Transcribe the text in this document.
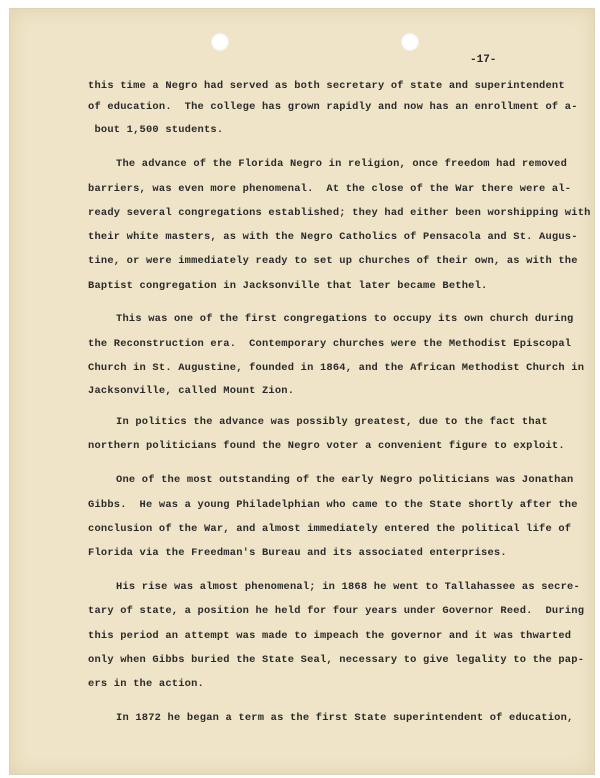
-17-
this time a Negro had served as both secretary of state and superintendent
of education.  The college has grown rapidly and now has an enrollment of a-
bout 1,500 students.
The advance of the Florida Negro in religion, once freedom had removed
barriers, was even more phenomenal.  At the close of the War there were al-
ready several congregations established; they had either been worshipping with
their white masters, as with the Negro Catholics of Pensacola and St. Augus-
tine, or were immediately ready to set up churches of their own, as with the
Baptist congregation in Jacksonville that later became Bethel.
This was one of the first congregations to occupy its own church during
the Reconstruction era.  Contemporary churches were the Methodist Episcopal
Church in St. Augustine, founded in 1864, and the African Methodist Church in
Jacksonville, called Mount Zion.
In politics the advance was possibly greatest, due to the fact that
northern politicians found the Negro voter a convenient figure to exploit.
One of the most outstanding of the early Negro politicians was Jonathan
Gibbs.  He was a young Philadelphian who came to the State shortly after the
conclusion of the War, and almost immediately entered the political life of
Florida via the Freedman's Bureau and its associated enterprises.
His rise was almost phenomenal; in 1868 he went to Tallahassee as secre-
tary of state, a position he held for four years under Governor Reed.  During
this period an attempt was made to impeach the governor and it was thwarted
only when Gibbs buried the State Seal, necessary to give legality to the pap-
ers in the action.
In 1872 he began a term as the first State superintendent of education,
